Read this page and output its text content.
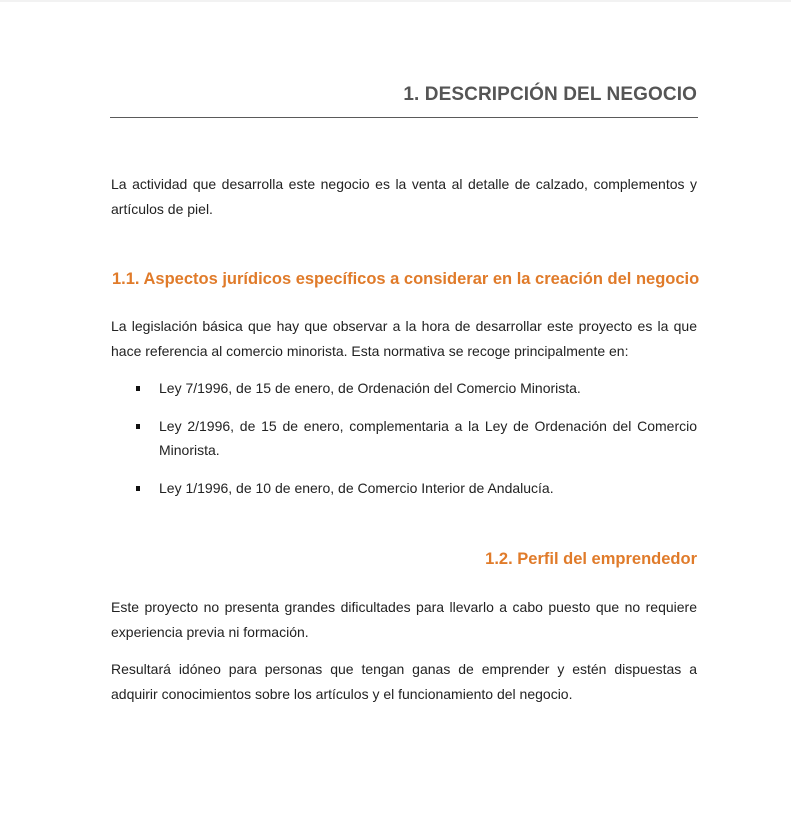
1. DESCRIPCIÓN DEL NEGOCIO

La actividad que desarrolla este negocio es la venta al detalle de calzado, complementos y artículos de piel.

1.1. Aspectos jurídicos específicos a considerar en la creación del negocio

La legislación básica que hay que observar a la hora de desarrollar este proyecto es la que hace referencia al comercio minorista. Esta normativa se recoge principalmente en:

Ley 7/1996, de 15 de enero, de Ordenación del Comercio Minorista.
Ley 2/1996, de 15 de enero, complementaria a la Ley de Ordenación del Comercio Minorista.
Ley 1/1996, de 10 de enero, de Comercio Interior de Andalucía.
1.2. Perfil del emprendedor

Este proyecto no presenta grandes dificultades para llevarlo a cabo puesto que no requiere experiencia previa ni formación.

Resultará idóneo para personas que tengan ganas de emprender y estén dispuestas a adquirir conocimientos sobre los artículos y el funcionamiento del negocio.
